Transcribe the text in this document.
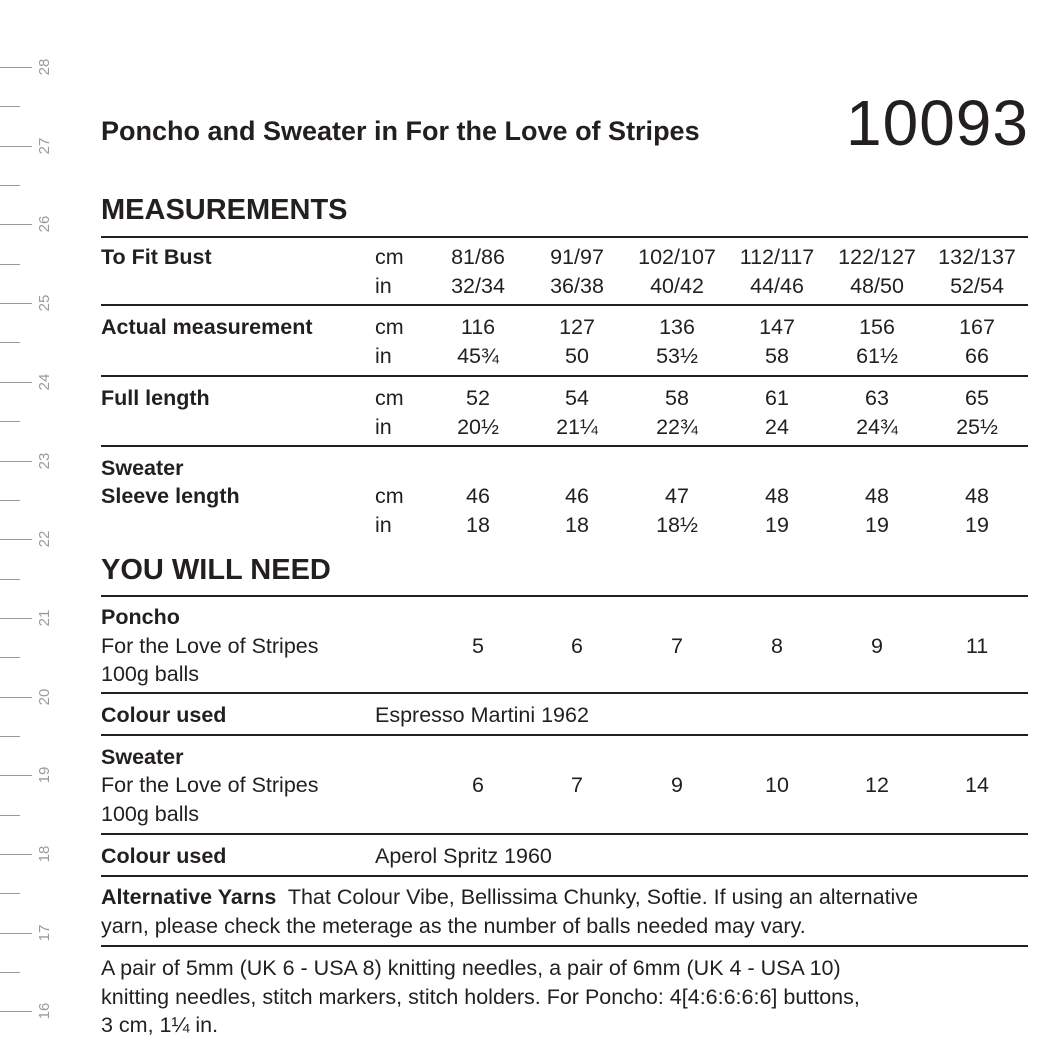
28
27
26
25
24
23
22
21
20
19
18
17
16
Poncho and Sweater in For the Love of Stripes 10093
MEASUREMENTS
To Fit Bust	cm	81/86	91/97	102/107	112/117	122/127	132/137
in	32/34	36/38	40/42	44/46	48/50	52/54
Actual measurement	cm	116	127	136	147	156	167
in	45¾	50	53½	58	61½	66
Full length	cm	52	54	58	61	63	65
in	20½	21¼	22¾	24	24¾	25½
Sweater
Sleeve length	cm	46	46	47	48	48	48
in	18	18	18½	19	19	19
YOU WILL NEED
Poncho
For the Love of Stripes
100g balls
5	6	7	8	9	11
Colour used	Espresso Martini 1962
Sweater
For the Love of Stripes
100g balls
6	7	9	10	12	14
Colour used	Aperol Spritz 1960
Alternative Yarns That Colour Vibe, Bellissima Chunky, Softie. If using an alternative
yarn, please check the meterage as the number of balls needed may vary.
A pair of 5mm (UK 6 - USA 8) knitting needles, a pair of 6mm (UK 4 - USA 10)
knitting needles, stitch markers, stitch holders. For Poncho: 4[4:6:6:6:6] buttons,
3 cm, 1¼ in.
